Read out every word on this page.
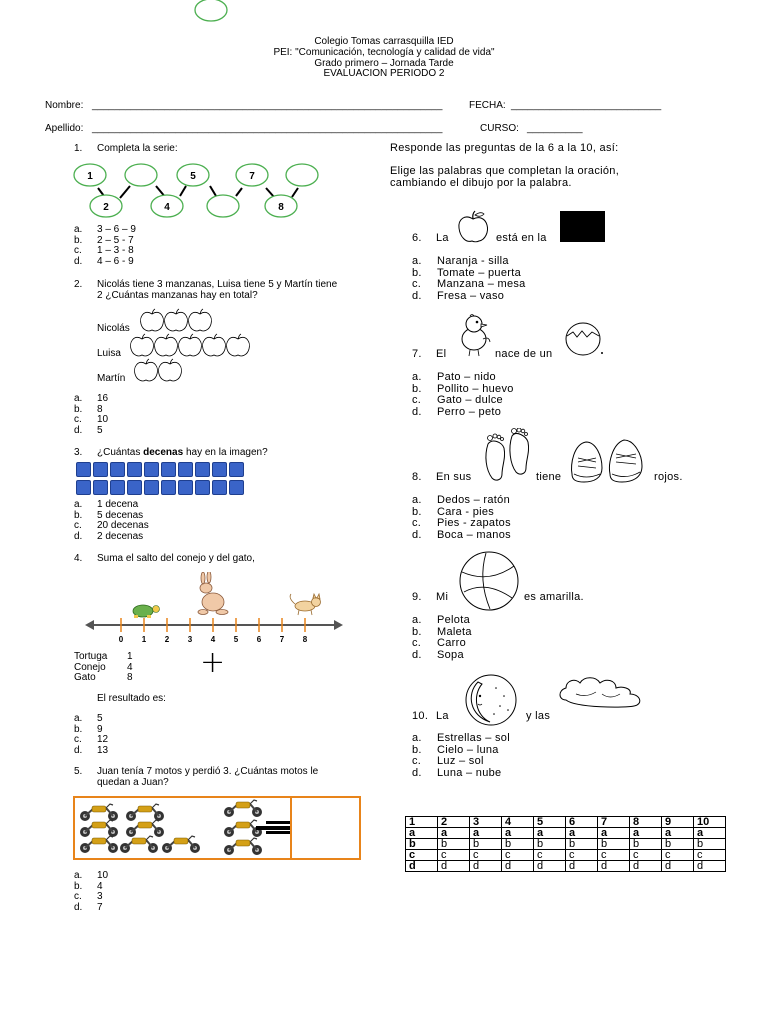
Colegio Tomas carrasquilla IED
PEI: "Comunicación, tecnología y calidad de vida"
Grado primero – Jornada Tarde
EVALUACION PERIODO 2
Nombre: _______________________________________________________________	FECHA: ___________________________
Apellido: _______________________________________________________________	CURSO: __________
1. Completa la serie:
1	5	7
2	4	8
a. 3 – 6 – 9
b. 2 – 5 - 7
c. 1 – 3 - 8
d. 4 – 6 - 9
2. Nicolás tiene 3 manzanas, Luisa tiene 5 y Martín tiene
2 ¿Cuántas manzanas hay en total?
Nicolás
Luisa
Martín
a. 16
b. 8
c. 10
d. 5
3. ¿Cuántas decenas hay en la imagen?
a. 1 decena
b. 5 decenas
c. 20 decenas
d. 2 decenas
4. Suma el salto del conejo y del gato,
0 1 2 3 4 5 6 7 8
Tortuga 1
Conejo 4
Gato	8 +
El resultado es:
a. 5
b. 9
c. 12
d. 13
5. Juan tenía 7 motos y perdió 3. ¿Cuántas motos le
quedan a Juan?
a. 10
b. 4
c. 3
d. 7
Responde las preguntas de la 6 a la 10, así:
Elige las palabras que completan la oración,
cambiando el dibujo por la palabra.
6. La	está en la
a. Naranja - silla
b. Tomate – puerta
c. Manzana – mesa
d. Fresa – vaso
7. El	nace de un
a. Pato – nido
b. Pollito – huevo
c. Gato – dulce
d. Perro – peto
8. En sus	tiene	rojos.
a. Dedos – ratón
b. Cara - pies
c. Pies - zapatos
d. Boca – manos
9. Mi	es amarilla.
a. Pelota
b. Maleta
c. Carro
d. Sopa
10. La	y las
a. Estrellas – sol
b. Cielo – luna
c. Luz – sol
d. Luna – nube
1	2	3	4	5	6	7	8	9	10
a	a	a	a	a	a	a	a	a	a
b	b	b	b	b	b	b	b	b	b
c	c	c	c	c	c	c	c	c	c
d	d	d	d	d	d	d	d	d	d
